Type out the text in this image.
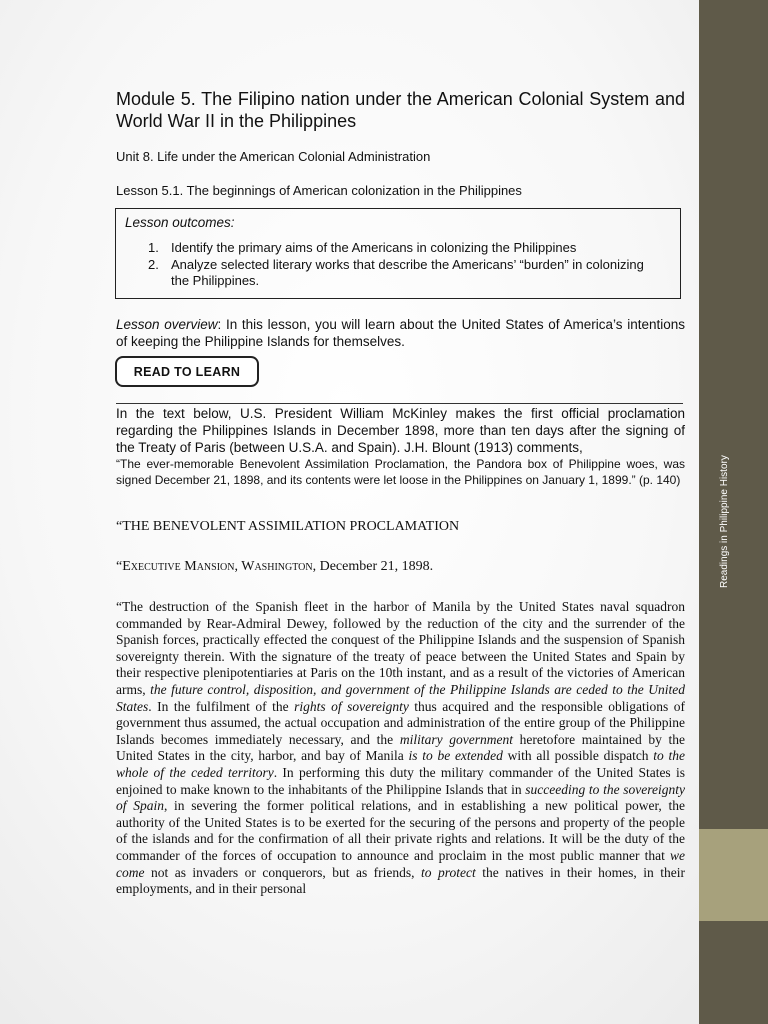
Readings in Philippine History
Module 5. The Filipino nation under the American Colonial System and World War II in the Philippines
Unit 8. Life under the American Colonial Administration
Lesson 5.1. The beginnings of American colonization in the Philippines
Lesson outcomes:
1. Identify the primary aims of the Americans in colonizing the Philippines
2. Analyze selected literary works that describe the Americans’ “burden” in colonizing the Philippines.

Lesson overview: In this lesson, you will learn about the United States of America’s intentions of keeping the Philippine Islands for themselves.

READ TO LEARN

In the text below, U.S. President William McKinley makes the first official proclamation regarding the Philippines Islands in December 1898, more than ten days after the signing of the Treaty of Paris (between U.S.A. and Spain). J.H. Blount (1913) comments,

“The ever-memorable Benevolent Assimilation Proclamation, the Pandora box of Philippine woes, was signed December 21, 1898, and its contents were let loose in the Philippines on January 1, 1899.” (p. 140)

“THE BENEVOLENT ASSIMILATION PROCLAMATION

“Executive Mansion, Washington, December 21, 1898.

“The destruction of the Spanish fleet in the harbor of Manila by the United States naval squadron commanded by Rear-Admiral Dewey, followed by the reduction of the city and the surrender of the Spanish forces, practically effected the conquest of the Philippine Islands and the suspension of Spanish sovereignty therein. With the signature of the treaty of peace between the United States and Spain by their respective plenipotentiaries at Paris on the 10th instant, and as a result of the victories of American arms, the future control, disposition, and government of the Philippine Islands are ceded to the United States. In the fulfilment of the rights of sovereignty thus acquired and the responsible obligations of government thus assumed, the actual occupation and administration of the entire group of the Philippine Islands becomes immediately necessary, and the military government heretofore maintained by the United States in the city, harbor, and bay of Manila is to be extended with all possible dispatch to the whole of the ceded territory. In performing this duty the military commander of the United States is enjoined to make known to the inhabitants of the Philippine Islands that in succeeding to the sovereignty of Spain, in severing the former political relations, and in establishing a new political power, the authority of the United States is to be exerted for the securing of the persons and property of the people of the islands and for the confirmation of all their private rights and relations. It will be the duty of the commander of the forces of occupation to announce and proclaim in the most public manner that we come not as invaders or conquerors, but as friends, to protect the natives in their homes, in their employments, and in their personal
